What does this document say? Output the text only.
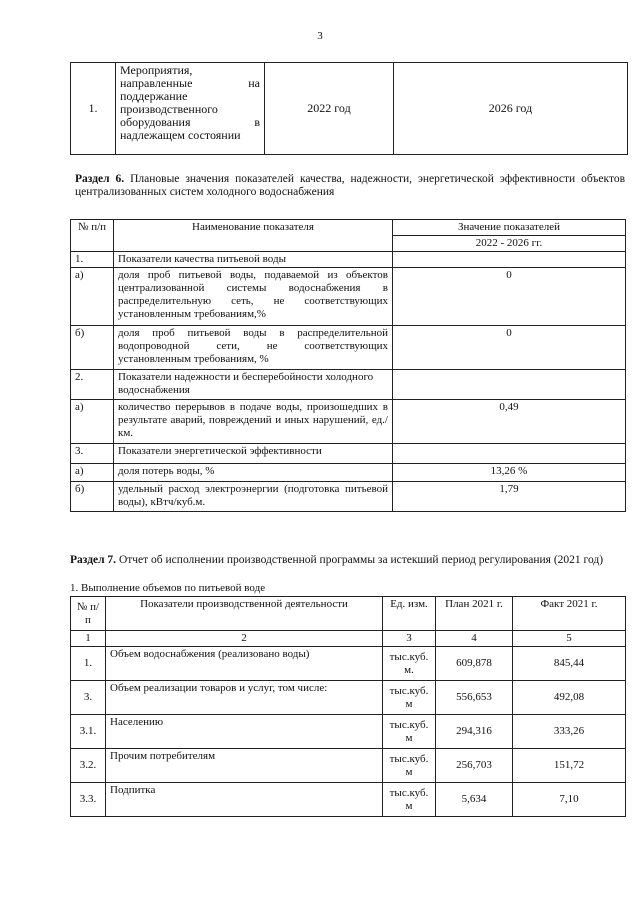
3
1.	Мероприятия, направленные на поддержание производственного оборудования в надлежащем состоянии	2022 год	2026 год
Раздел 6. Плановые значения показателей качества, надежности, энергетической эффективности объектов централизованных систем холодного водоснабжения
№ п/п	Наименование показателя	Значение показателей
		2022 - 2026 гг.
1.	Показатели качества питьевой воды	
а)	доля проб питьевой воды, подаваемой из объектов централизованной системы водоснабжения в распределительную сеть, не соответствующих установленным требованиям,%	0
б)	доля проб питьевой воды в распределительной водопроводной сети, не соответствующих установленным требованиям, %	0
2.	Показатели надежности и бесперебойности холодного водоснабжения	
а)	количество перерывов в подаче воды, произошедших в результате аварий, повреждений и иных нарушений, ед./км.	0,49
3.	Показатели энергетической эффективности	
а)	доля потерь воды, %	13,26 %
б)	удельный расход электроэнергии (подготовка питьевой воды), кВтч/куб.м.	1,79
Раздел 7. Отчет об исполнении производственной программы за истекший период регулирования (2021 год)
1. Выполнение объемов по питьевой воде
№ п/п	Показатели производственной деятельности	Ед. изм.	План 2021 г.	Факт 2021 г.
1	2	3	4	5
1.	Объем водоснабжения (реализовано воды)	тыс.куб. м.	609,878	845,44
3.	Объем реализации товаров и услуг, том числе:	тыс.куб. м	556,653	492,08
3.1.	Населению	тыс.куб. м	294,316	333,26
3.2.	Прочим потребителям	тыс.куб. м	256,703	151,72
3.3.	Подпитка	тыс.куб. м	5,634	7,10
